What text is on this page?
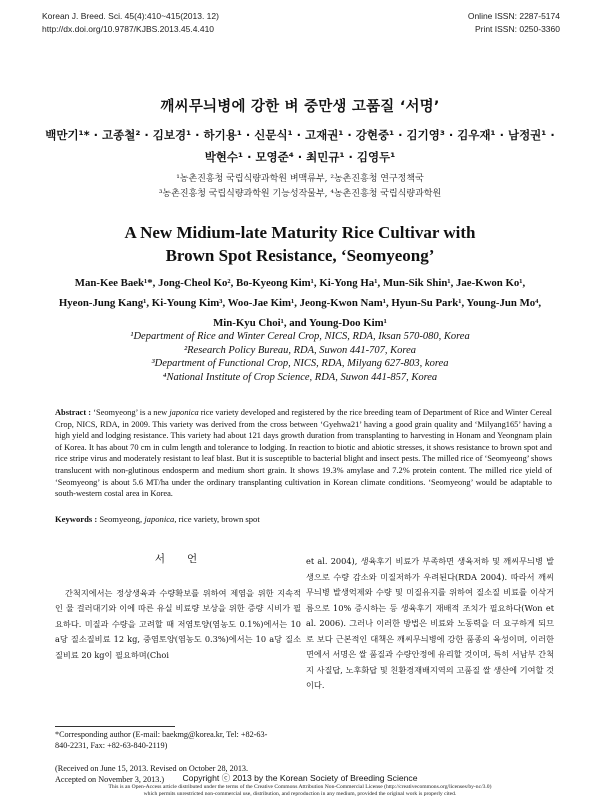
Korean J. Breed. Sci. 45(4):410~415(2013. 12)
http://dx.doi.org/10.9787/KJBS.2013.45.4.410
Online ISSN: 2287-5174
Print ISSN: 0250-3360
깨씨무늬병에 강한 벼 중만생 고품질 ‘서명’
백만기¹* · 고종철² · 김보경¹ · 하기용¹ · 신문식¹ · 고재권¹ · 강현중¹ · 김기영³ · 김우재¹ · 남정권¹ ·
박현수¹ · 모영준⁴ · 최민규¹ · 김영두¹
¹농촌진흥청 국립식량과학원 벼맥류부, ²농촌진흥청 연구정책국
³농촌진흥청 국립식량과학원 기능성작물부, ⁴농촌진흥청 국립식량과학원
A New Midium-late Maturity Rice Cultivar with
Brown Spot Resistance, ‘Seomyeong’
Man-Kee Baek¹*, Jong-Cheol Ko², Bo-Kyeong Kim¹, Ki-Yong Ha¹, Mun-Sik Shin¹, Jae-Kwon Ko¹,
Hyeon-Jung Kang¹, Ki-Young Kim³, Woo-Jae Kim¹, Jeong-Kwon Nam¹, Hyun-Su Park¹, Young-Jun Mo⁴,
Min-Kyu Choi¹, and Young-Doo Kim¹
¹Department of Rice and Winter Cereal Crop, NICS, RDA, Iksan 570-080, Korea
²Research Policy Bureau, RDA, Suwon 441-707, Korea
³Department of Functional Crop, NICS, RDA, Milyang 627-803, korea
⁴National Institute of Crop Science, RDA, Suwon 441-857, Korea

Abstract : ‘Seomyeong’ is a new japonica rice variety developed and registered by the rice breeding team of Department of Rice and Winter Cereal Crop, NICS, RDA, in 2009. This variety was derived from the cross between ‘Gyehwa21’ having a good grain quality and ‘Milyang165’ having a high yield and lodging resistance. This variety had about 121 days growth duration from transplanting to harvesting in Honam and Yeongnam plain of Korea. It has about 70 cm in culm length and tolerance to lodging. In reaction to biotic and abiotic stresses, it shows resistance to brown spot and rice stripe virus and moderately resistant to leaf blast. But it is susceptible to bacterial blight and insect pests. The milled rice of ‘Seomyeong’ shows translucent with non-glutinous endosperm and medium short grain. It shows 19.3% amylase and 7.2% protein content. The milled rice yield of ‘Seomyeong’ is about 5.6 MT/ha under the ordinary transplanting cultivation in Korean climate conditions. ‘Seomyeong’ would be adaptable to south-western costal area in Korea.

Keywords : Seomyeong, japonica, rice variety, brown spot

서언

간척지에서는 정상생육과 수량확보를 위하여 제염을 위한 지속적인 물 걸러대기와 이에 따른 유실 비료량 보상을 위한 증량 시비가 필요하다. 미질과 수량을 고려할 때 저염토양(염농도 0.1%)에서는 10 a당 질소질비료 12 kg, 중염토양(염농도 0.3%)에서는 10 a당 질소질비료 20 kg이 필요하며(Choi

et al. 2004), 생육후기 비료가 부족하면 생육저하 및 깨씨무늬병 발생으로 수량 감소와 미질저하가 우려된다(RDA 2004). 따라서 깨씨무늬병 발생억제와 수량 및 미질유지를 위하여 질소질 비료를 이삭거름으로 10% 증시하는 등 생육후기 재배적 조치가 필요하다(Won et al. 2006). 그러나 이러한 방법은 비료와 노동력을 더 요구하게 되므로 보다 근본적인 대책은 깨씨무늬병에 강한 품종의 육성이며, 이러한 면에서 서명은 쌀 품질과 수량안정에 유리할 것이며, 특히 서남부 간척지 사질답, 노후화답 및 친환경재배지역의 고품질 쌀 생산에 기여할 것이다.

*Corresponding author (E-mail: baekmg@korea.kr, Tel: +82-63-
840-2231, Fax: +82-63-840-2119)

(Received on June 15, 2013. Revised on October 28, 2013.
Accepted on November 3, 2013.)	Copyright ⓒ 2013 by the Korean Society of Breeding Science
This is an Open-Access article distributed under the terms of the Creative Commons Attribution Non-Commercial License (http://creativecommons.org/licenses/by-nc/3.0)
which permits unrestricted non-commercial use, distribution, and reproduction in any medium, provided the original work is properly cited.
